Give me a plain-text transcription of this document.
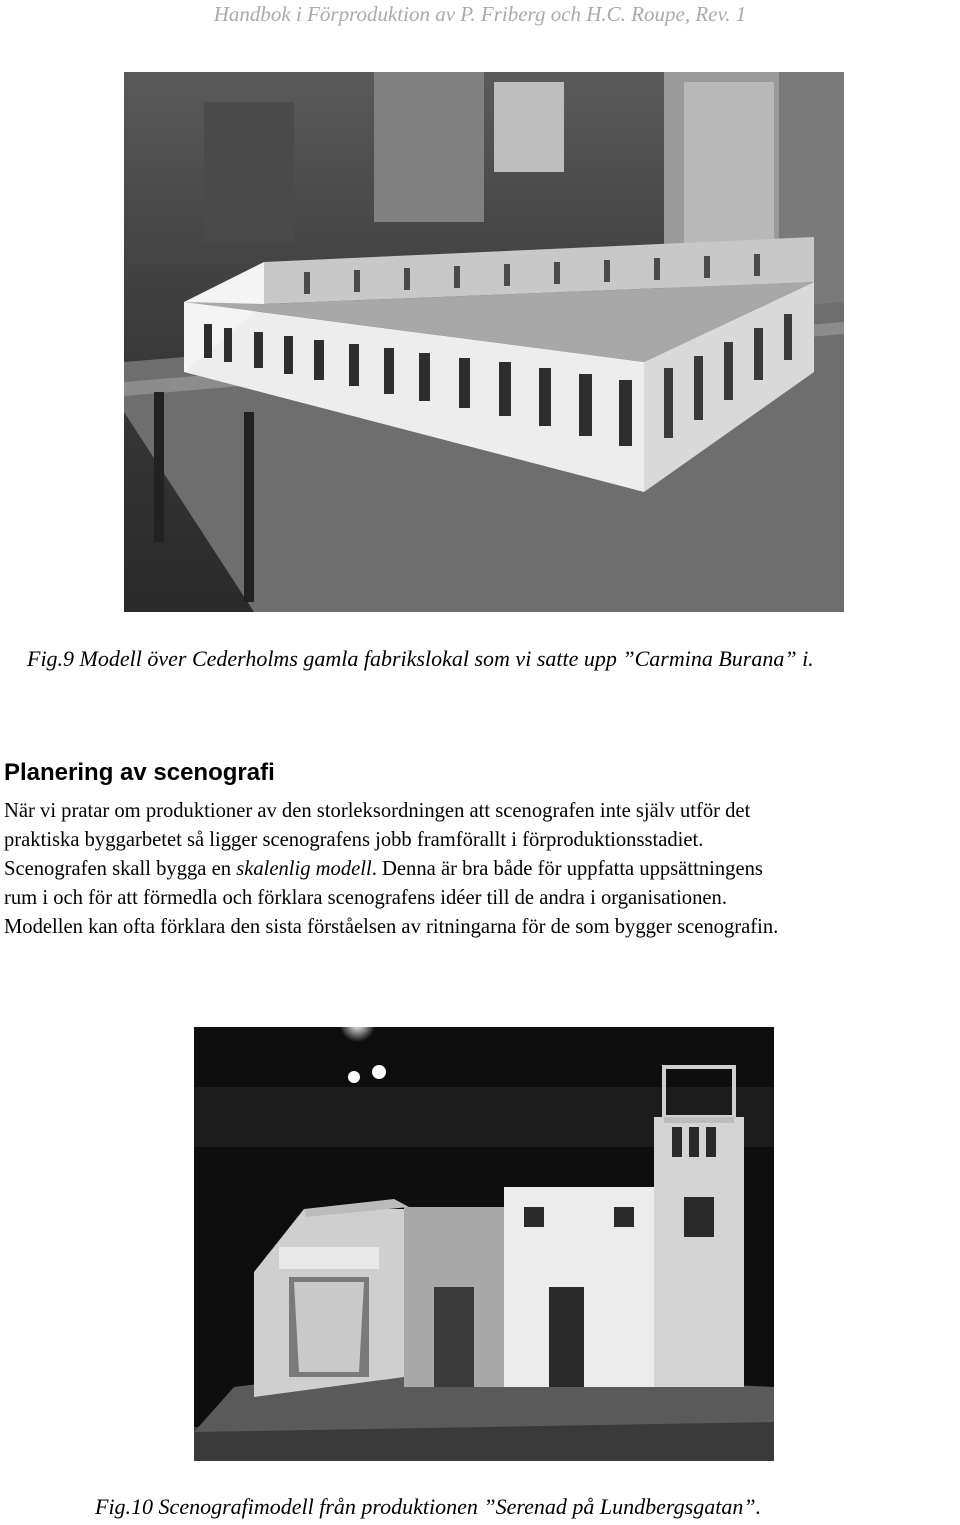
Handbok i Förproduktion av P. Friberg och H.C. Roupe, Rev. 1
Fig.9 Modell över Cederholms gamla fabrikslokal som vi satte upp ”Carmina Burana” i.
Planering av scenografi

När vi pratar om produktioner av den storleksordningen att scenografen inte själv utför det

praktiska byggarbetet så ligger scenografens jobb framförallt i förproduktionsstadiet.

Scenografen skall bygga en skalenlig modell. Denna är bra både för uppfatta uppsättningens

rum i och för att förmedla och förklara scenografens idéer till de andra i organisationen.

Modellen kan ofta förklara den sista förståelsen av ritningarna för de som bygger scenografin.

Fig.10 Scenografimodell från produktionen ”Serenad på Lundbergsgatan”.
